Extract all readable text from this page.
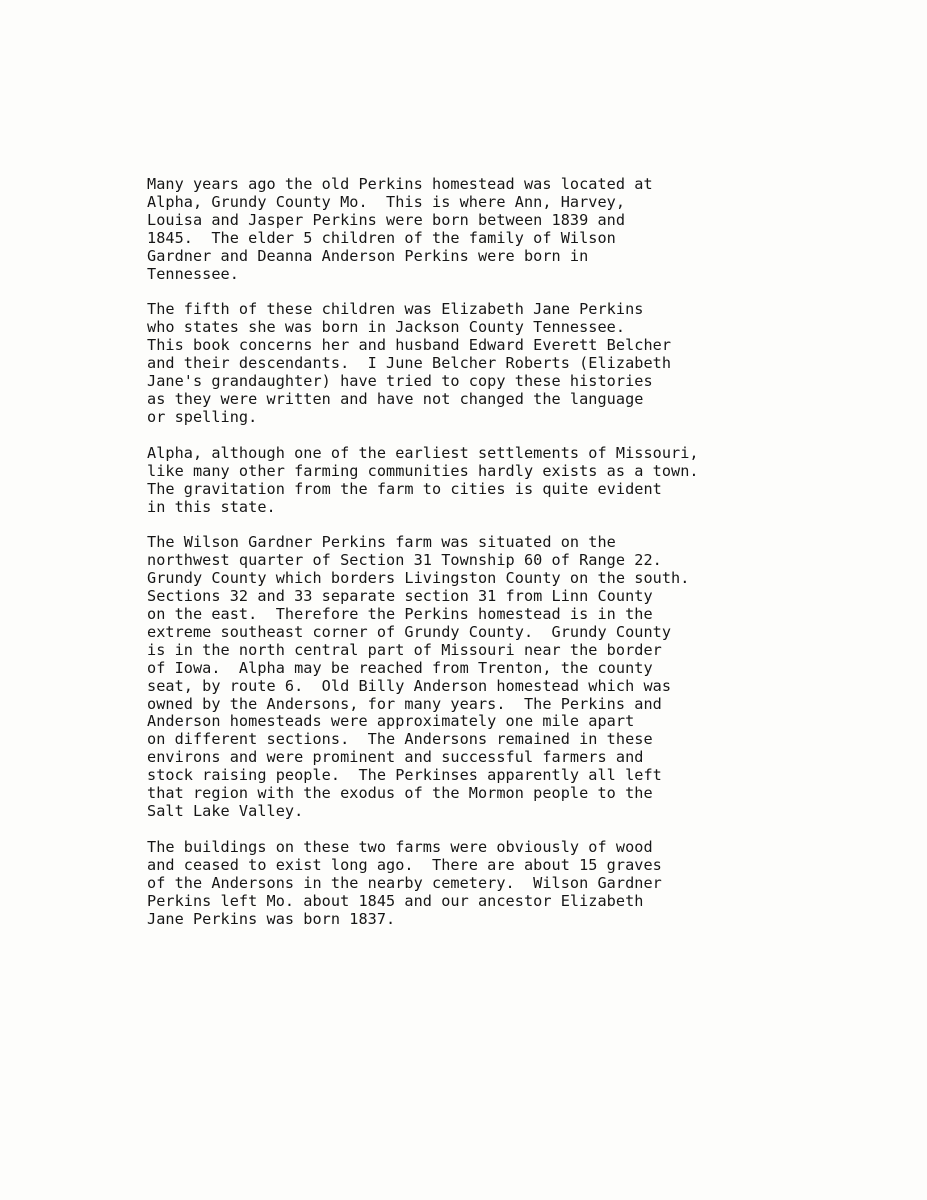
Many years ago the old Perkins homestead was located at
Alpha, Grundy County Mo.  This is where Ann, Harvey,
Louisa and Jasper Perkins were born between 1839 and
1845.  The elder 5 children of the family of Wilson
Gardner and Deanna Anderson Perkins were born in
Tennessee.
The fifth of these children was Elizabeth Jane Perkins
who states she was born in Jackson County Tennessee.
This book concerns her and husband Edward Everett Belcher
and their descendants.  I June Belcher Roberts (Elizabeth
Jane's grandaughter) have tried to copy these histories
as they were written and have not changed the language
or spelling.
Alpha, although one of the earliest settlements of Missouri,
like many other farming communities hardly exists as a town.
The gravitation from the farm to cities is quite evident
in this state.
The Wilson Gardner Perkins farm was situated on the
northwest quarter of Section 31 Township 60 of Range 22.
Grundy County which borders Livingston County on the south.
Sections 32 and 33 separate section 31 from Linn County
on the east.  Therefore the Perkins homestead is in the
extreme southeast corner of Grundy County.  Grundy County
is in the north central part of Missouri near the border
of Iowa.  Alpha may be reached from Trenton, the county
seat, by route 6.  Old Billy Anderson homestead which was
owned by the Andersons, for many years.  The Perkins and
Anderson homesteads were approximately one mile apart
on different sections.  The Andersons remained in these
environs and were prominent and successful farmers and
stock raising people.  The Perkinses apparently all left
that region with the exodus of the Mormon people to the
Salt Lake Valley.
The buildings on these two farms were obviously of wood
and ceased to exist long ago.  There are about 15 graves
of the Andersons in the nearby cemetery.  Wilson Gardner
Perkins left Mo. about 1845 and our ancestor Elizabeth
Jane Perkins was born 1837.
